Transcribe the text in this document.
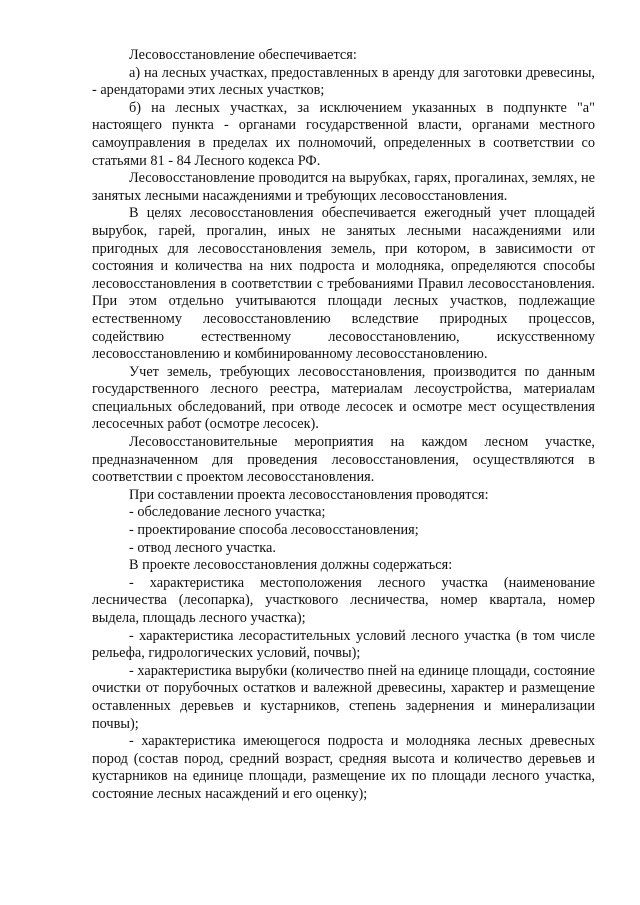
Лесовосстановление обеспечивается:

а) на лесных участках, предоставленных в аренду для заготовки древесины, - арендаторами этих лесных участков;

б) на лесных участках, за исключением указанных в подпункте "а" настоящего пункта - органами государственной власти, органами местного самоуправления в пределах их полномочий, определенных в соответствии со статьями 81 - 84 Лесного кодекса РФ.

Лесовосстановление проводится на вырубках, гарях, прогалинах, землях, не занятых лесными насаждениями и требующих лесовосстановления.

В целях лесовосстановления обеспечивается ежегодный учет площадей вырубок, гарей, прогалин, иных не занятых лесными насаждениями или пригодных для лесовосстановления земель, при котором, в зависимости от состояния и количества на них подроста и молодняка, определяются способы лесовосстановления в соответствии с требованиями Правил лесовосстановления. При этом отдельно учитываются площади лесных участков, подлежащие естественному лесовосстановлению вследствие природных процессов, содействию естественному лесовосстановлению, искусственному лесовосстановлению и комбинированному лесовосстановлению.

Учет земель, требующих лесовосстановления, производится по данным государственного лесного реестра, материалам лесоустройства, материалам специальных обследований, при отводе лесосек и осмотре мест осуществления лесосечных работ (осмотре лесосек).

Лесовосстановительные мероприятия на каждом лесном участке, предназначенном для проведения лесовосстановления, осуществляются в соответствии с проектом лесовосстановления.

При составлении проекта лесовосстановления проводятся:

- обследование лесного участка;

- проектирование способа лесовосстановления;

- отвод лесного участка.

В проекте лесовосстановления должны содержаться:

- характеристика местоположения лесного участка (наименование лесничества (лесопарка), участкового лесничества, номер квартала, номер выдела, площадь лесного участка);

- характеристика лесорастительных условий лесного участка (в том числе рельефа, гидрологических условий, почвы);

- характеристика вырубки (количество пней на единице площади, состояние очистки от порубочных остатков и валежной древесины, характер и размещение оставленных деревьев и кустарников, степень задернения и минерализации почвы);

- характеристика имеющегося подроста и молодняка лесных древесных пород (состав пород, средний возраст, средняя высота и количество деревьев и кустарников на единице площади, размещение их по площади лесного участка, состояние лесных насаждений и его оценку);
